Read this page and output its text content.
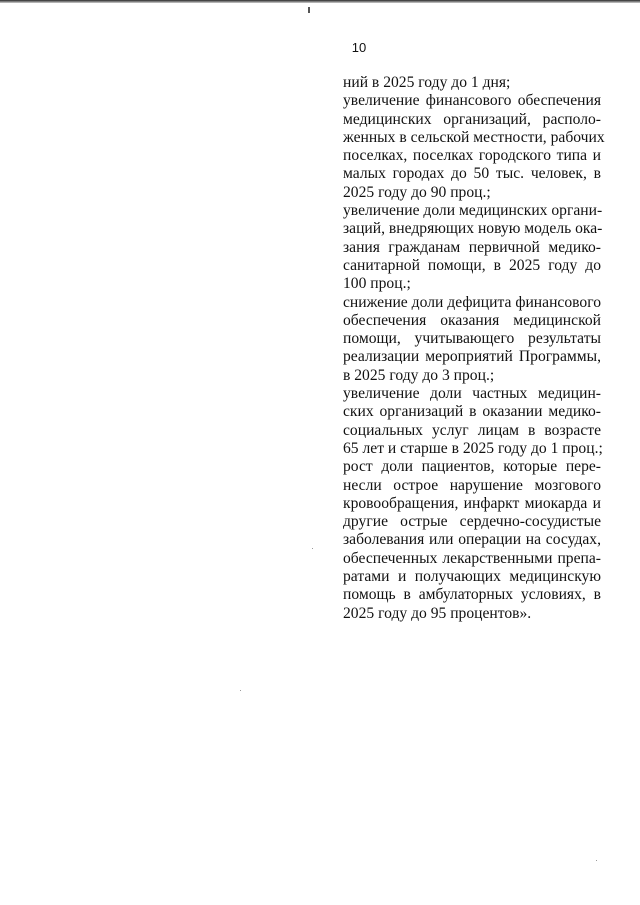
10
ний в 2025 году до 1 дня;
увеличение финансового обеспечения
медицинских организаций, располо-
женных в сельской местности, рабочих
поселках, поселках городского типа и
малых городах до 50 тыс. человек, в
2025 году до 90 проц.;
увеличение доли медицинских органи-
заций, внедряющих новую модель ока-
зания гражданам первичной медико-
санитарной помощи, в 2025 году до
100 проц.;
снижение доли дефицита финансового
обеспечения оказания медицинской
помощи, учитывающего результаты
реализации мероприятий Программы,
в 2025 году до 3 проц.;
увеличение доли частных медицин-
ских организаций в оказании медико-
социальных услуг лицам в возрасте
65 лет и старше в 2025 году до 1 проц.;
рост доли пациентов, которые пере-
несли острое нарушение мозгового
кровообращения, инфаркт миокарда и
другие острые сердечно-сосудистые
заболевания или операции на сосудах,
обеспеченных лекарственными препа-
ратами и получающих медицинскую
помощь в амбулаторных условиях, в
2025 году до 95 процентов».
